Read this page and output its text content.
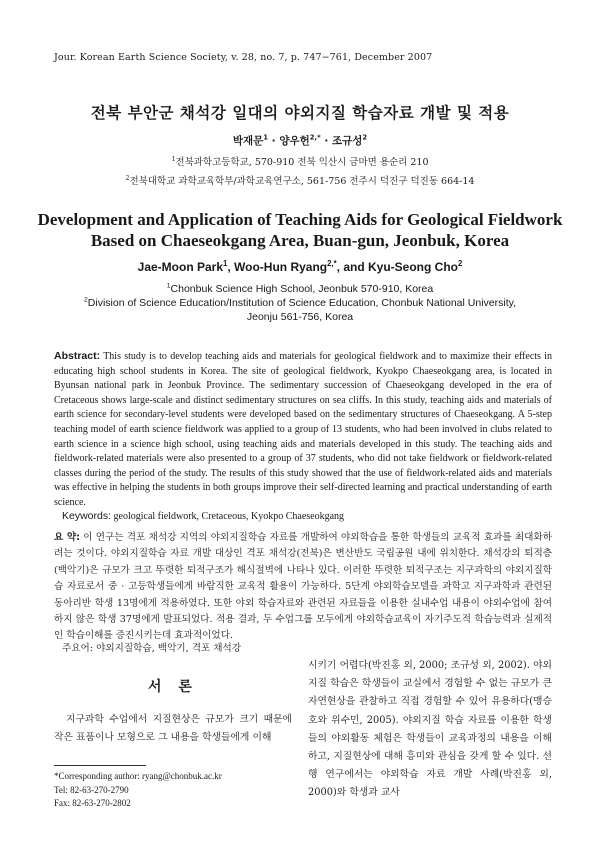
Jour. Korean Earth Science Society, v. 28, no. 7, p. 747−761, December 2007
전북 부안군 채석강 일대의 야외지질 학습자료 개발 및 적용
박재문$^1$ · 양우헌$^{2,*}$ · 조규성$^2$
$^1$전북과학고등학교, 570-910 전북 익산시 금마면 용순리 210
$^2$전북대학교 과학교육학부/과학교육연구소, 561-756 전주시 덕진구 덕진동 664-14
Development and Application of Teaching Aids for Geological Fieldwork
Based on Chaeseokgang Area, Buan-gun, Jeonbuk, Korea
Jae-Moon Park$^1$, Woo-Hun Ryang$^{2,*}$, and Kyu-Seong Cho$^2$
$^1$Chonbuk Science High School, Jeonbuk 570-910, Korea
$^2$Division of Science Education/Institution of Science Education, Chonbuk National University,
Jeonju 561-756, Korea
Abstract: This study is to develop teaching aids and materials for geological fieldwork and to maximize their effects in educating high school students in Korea. The site of geological fieldwork, Kyokpo Chaeseokgang area, is located in Byunsan national park in Jeonbuk Province. The sedimentary succession of Chaeseokgang developed in the era of Cretaceous shows large-scale and distinct sedimentary structures on sea cliffs. In this study, teaching aids and materials of earth science for secondary-level students were developed based on the sedimentary structures of Chaeseokgang. A 5-step teaching model of earth science fieldwork was applied to a group of 13 students, who had been involved in clubs related to earth science in a science high school, using teaching aids and materials developed in this study. The teaching aids and fieldwork-related materials were also presented to a group of 37 students, who did not take fieldwork or fieldwork-related classes during the period of the study. The results of this study showed that the use of fieldwork-related aids and materials was effective in helping the students in both groups improve their self-directed learning and practical understanding of earth science.
Keywords: geological fieldwork, Cretaceous, Kyokpo Chaeseokgang
요 약: 이 연구는 격포 채석강 지역의 야외지질학습 자료를 개발하여 야외학습을 통한 학생들의 교육적 효과를 최대화하려는 것이다. 야외지질학습 자료 개발 대상인 격포 채석강(전북)은 변산반도 국립공원 내에 위치한다. 채석강의 퇴적층(백악기)은 규모가 크고 뚜렷한 퇴적구조가 해식절벽에 나타나 있다. 이러한 뚜렷한 퇴적구조는 지구과학의 야외지질학습 자료로서 중 · 고등학생들에게 바람직한 교육적 활용이 가능하다. 5단계 야외학습모델을 과학고 지구과학과 관련된 동아리반 학생 13명에게 적용하였다. 또한 야외 학습자료와 관련된 자료들을 이용한 실내수업 내용이 야외수업에 참여하지 않은 학생 37명에게 발표되었다. 적용 결과, 두 수업그룹 모두에게 야외학습교육이 자기주도적 학습능력과 실제적인 학습이해를 증진시키는데 효과적이었다.
주요어: 야외지질학습, 백악기, 격포 채석강
서 론
지구과학 수업에서 지질현상은 규모가 크기 때문에 작은 표품이나 모형으로 그 내용을 학생들에게 이해
*Corresponding author: ryang@chonbuk.ac.kr
Tel: 82-63-270-2790
Fax: 82-63-270-2802
시키기 어렵다(박진홍 외, 2000; 조규성 외, 2002). 야외지질 학습은 학생들이 교실에서 경험할 수 없는 규모가 큰 자연현상을 관찰하고 직접 경험할 수 있어 유용하다(맹승호와 위수민, 2005). 야외지질 학습 자료를 이용한 학생들의 야외활동 체험은 학생들이 교육과정의 내용을 이해하고, 지질현상에 대해 흥미와 관심을 갖게 할 수 있다. 선행 연구에서는 야외학습 자료 개발 사례(박진홍 외, 2000)와 학생과 교사
